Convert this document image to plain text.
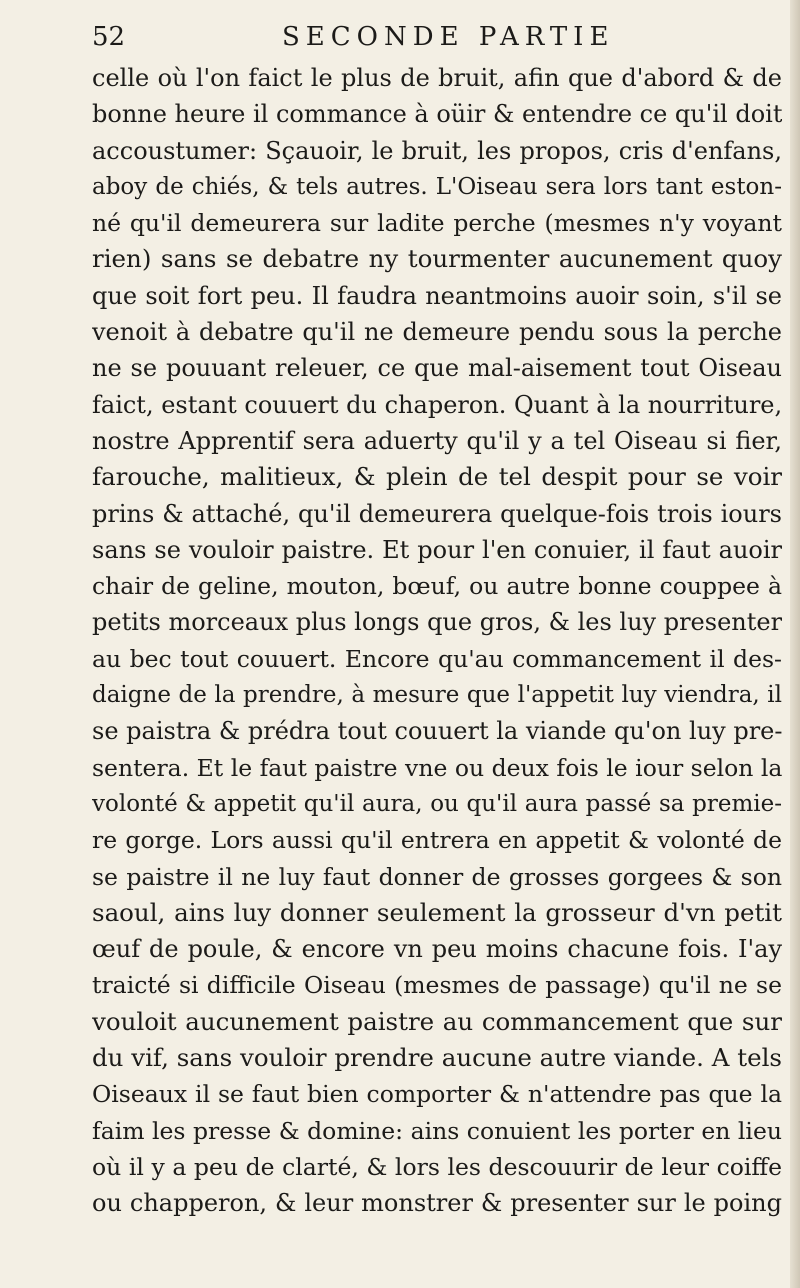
52	SECONDE PARTIE
celle où l'on faict le plus de bruit, afin que d'abord & de
bonne heure il commance à oüir & entendre ce qu'il doit
accoustumer: Sçauoir, le bruit, les propos, cris d'enfans,
aboy de chiés, & tels autres. L'Oiseau sera lors tant eston-
né qu'il demeurera sur ladite perche (mesmes n'y voyant
rien) sans se debatre ny tourmenter aucunement quoy
que soit fort peu. Il faudra neantmoins auoir soin, s'il se
venoit à debatre qu'il ne demeure pendu sous la perche
ne se pouuant releuer, ce que mal-aisement tout Oiseau
faict, estant couuert du chaperon. Quant à la nourriture,
nostre Apprentif sera aduerty qu'il y a tel Oiseau si fier,
farouche, malitieux, & plein de tel despit pour se voir
prins & attaché, qu'il demeurera quelque-fois trois iours
sans se vouloir paistre. Et pour l'en conuier, il faut auoir
chair de geline, mouton, bœuf, ou autre bonne couppee à
petits morceaux plus longs que gros, & les luy presenter
au bec tout couuert. Encore qu'au commancement il des-
daigne de la prendre, à mesure que l'appetit luy viendra, il
se paistra & prédra tout couuert la viande qu'on luy pre-
sentera. Et le faut paistre vne ou deux fois le iour selon la
volonté & appetit qu'il aura, ou qu'il aura passé sa premie-
re gorge. Lors aussi qu'il entrera en appetit & volonté de
se paistre il ne luy faut donner de grosses gorgees & son
saoul, ains luy donner seulement la grosseur d'vn petit
œuf de poule, & encore vn peu moins chacune fois. I'ay
traicté si difficile Oiseau (mesmes de passage) qu'il ne se
vouloit aucunement paistre au commancement que sur
du vif, sans vouloir prendre aucune autre viande. A tels
Oiseaux il se faut bien comporter & n'attendre pas que la
faim les presse & domine: ains conuient les porter en lieu
où il y a peu de clarté, & lors les descouurir de leur coiffe
ou chapperon, & leur monstrer & presenter sur le poing
